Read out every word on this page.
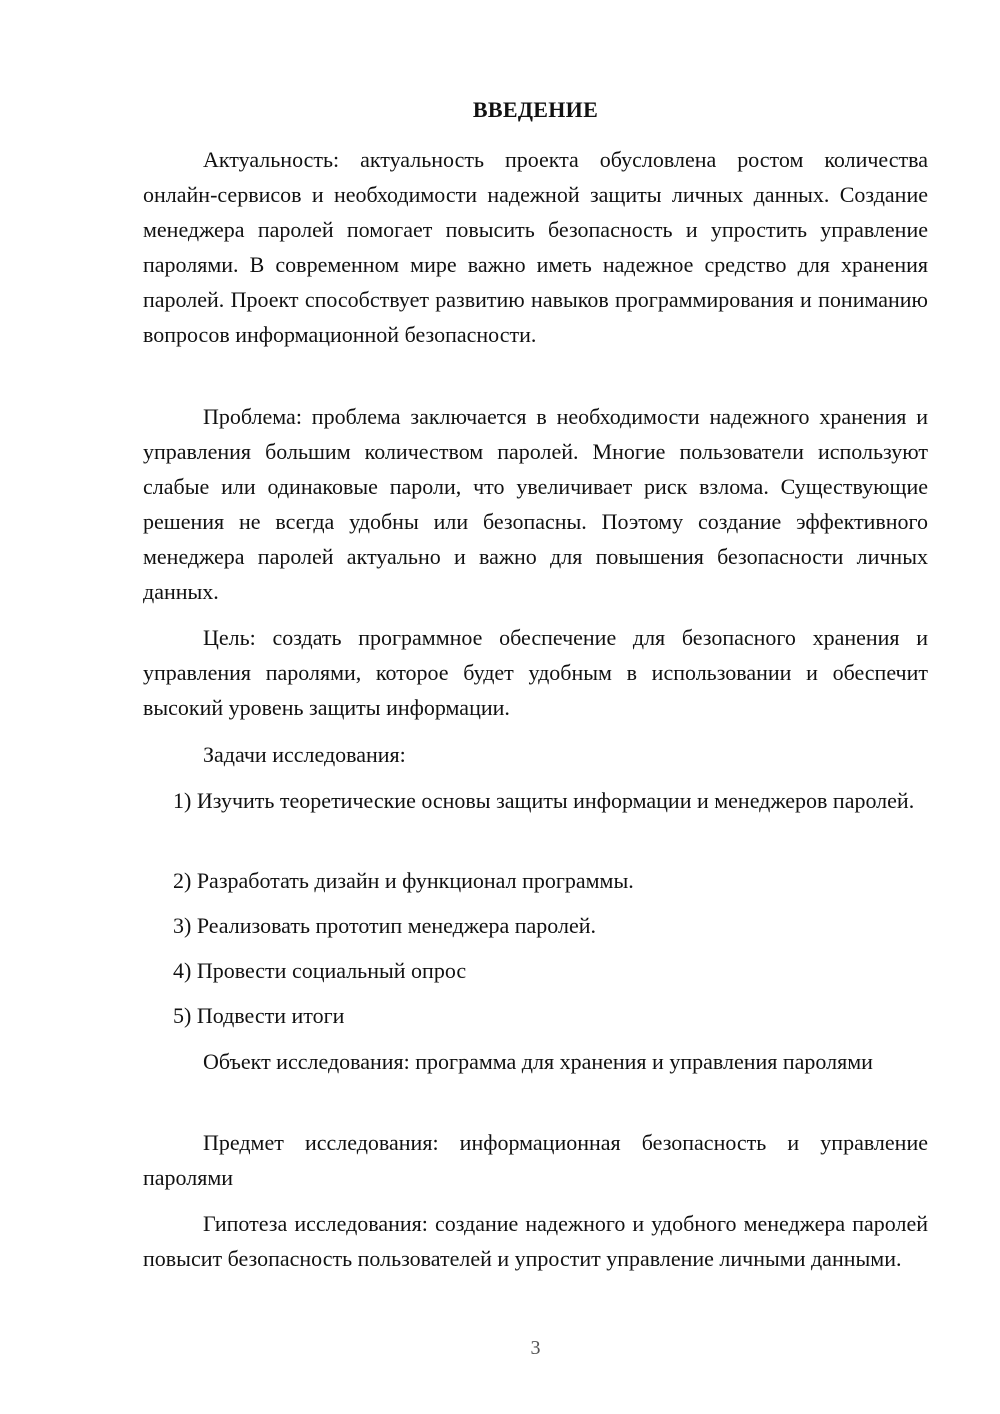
ВВЕДЕНИЕ
Актуальность: актуальность проекта обусловлена ростом количества онлайн-сервисов и необходимости надежной защиты личных данных. Создание менеджера паролей помогает повысить безопасность и упростить управление паролями. В современном мире важно иметь надежное средство для хранения паролей. Проект способствует развитию навыков программирования и пониманию вопросов информационной безопасности.
Проблема: проблема заключается в необходимости надежного хранения и управления большим количеством паролей. Многие пользователи используют слабые или одинаковые пароли, что увеличивает риск взлома. Существующие решения не всегда удобны или безопасны. Поэтому создание эффективного менеджера паролей актуально и важно для повышения безопасности личных данных.
Цель: создать программное обеспечение для безопасного хранения и управления паролями, которое будет удобным в использовании и обеспечит высокий уровень защиты информации.
Задачи исследования:
1) Изучить теоретические основы защиты информации и менеджеров паролей.
2) Разработать дизайн и функционал программы.
3) Реализовать прототип менеджера паролей.
4) Провести социальный опрос
5) Подвести итоги
Объект исследования: программа для хранения и управления паролями
Предмет исследования: информационная безопасность и управление паролями
Гипотеза исследования: создание надежного и удобного менеджера паролей повысит безопасность пользователей и упростит управление личными данными.
3
